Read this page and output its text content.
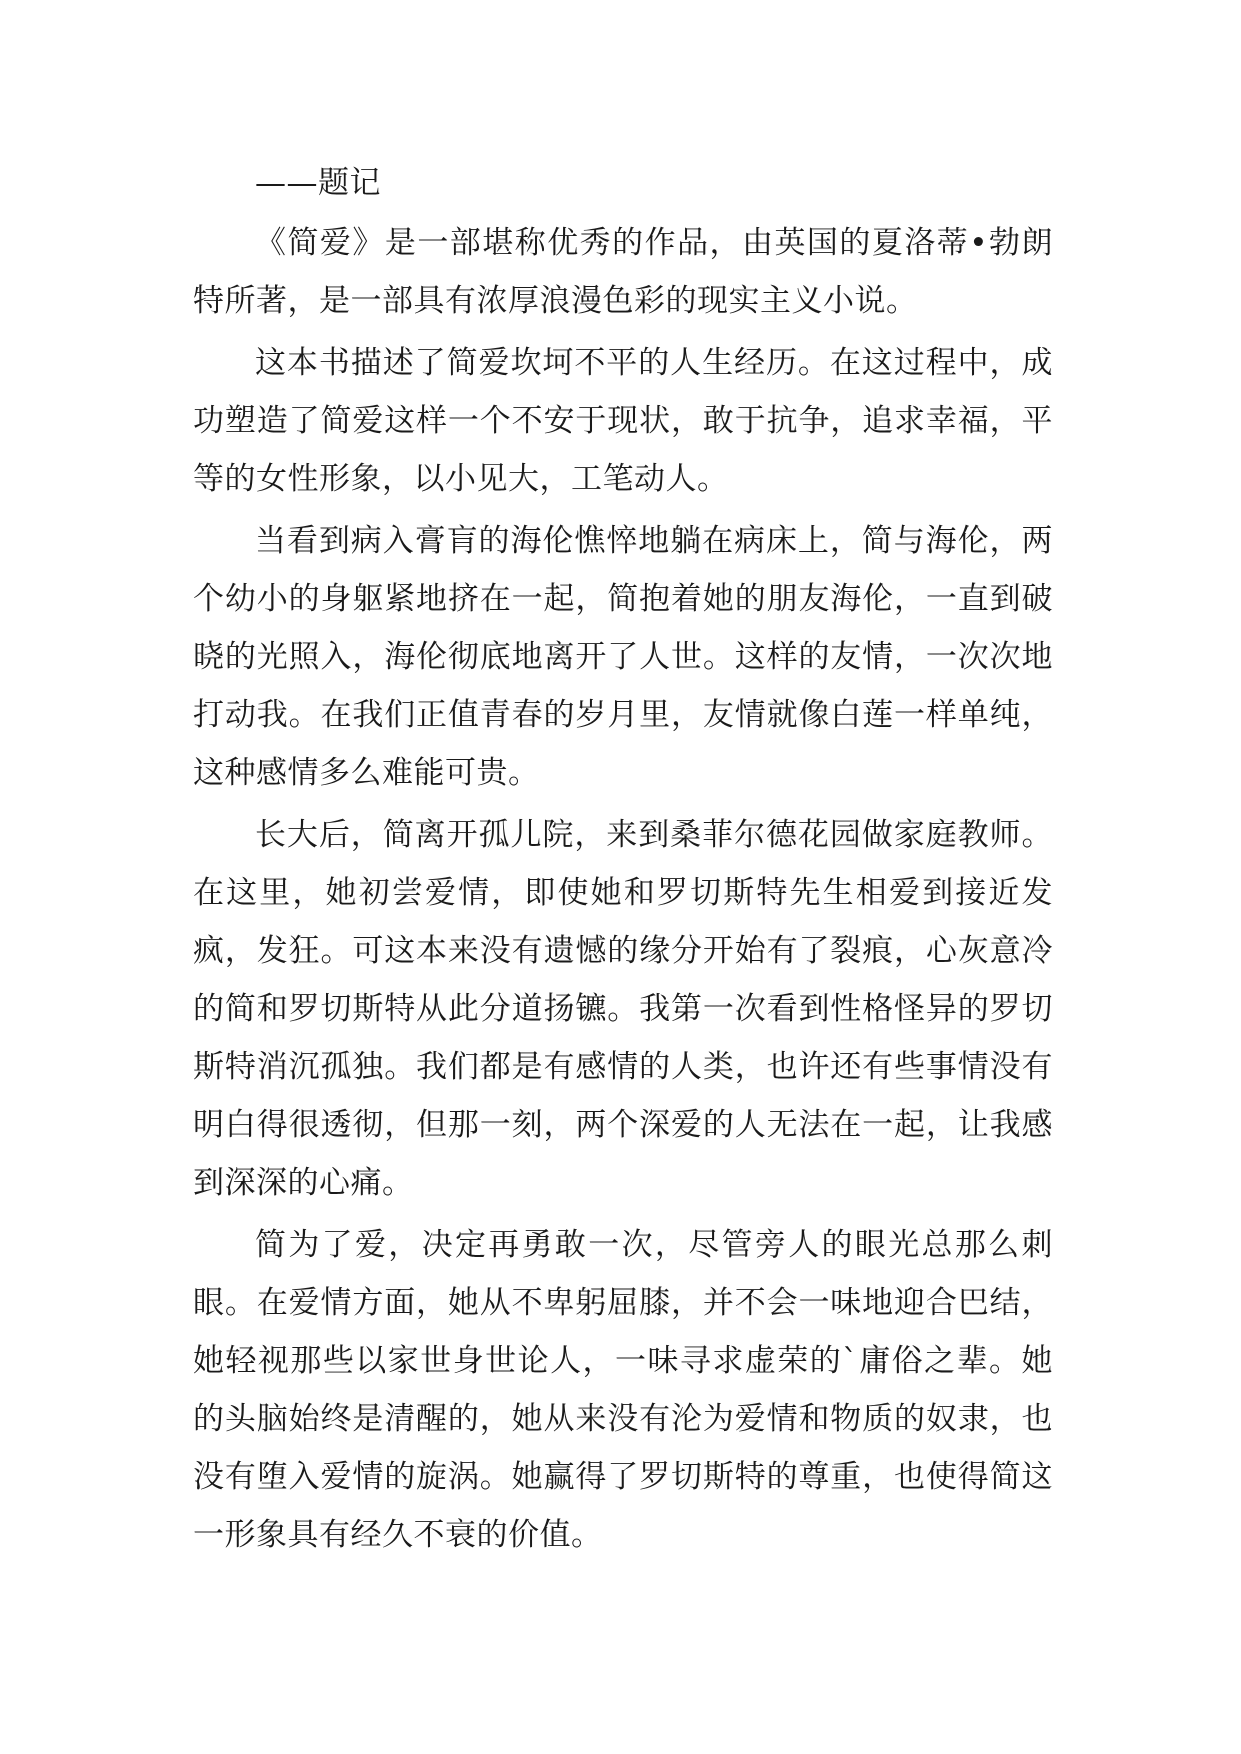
——题记

《简爱》是一部堪称优秀的作品，由英国的夏洛蒂•勃朗特所著，是一部具有浓厚浪漫色彩的现实主义小说。

这本书描述了简爱坎坷不平的人生经历。在这过程中，成功塑造了简爱这样一个不安于现状，敢于抗争，追求幸福，平等的女性形象，以小见大，工笔动人。

当看到病入膏肓的海伦憔悴地躺在病床上，简与海伦，两个幼小的身躯紧地挤在一起，简抱着她的朋友海伦，一直到破晓的光照入，海伦彻底地离开了人世。这样的友情，一次次地打动我。在我们正值青春的岁月里，友情就像白莲一样单纯，这种感情多么难能可贵。

长大后，简离开孤儿院，来到桑菲尔德花园做家庭教师。在这里，她初尝爱情，即使她和罗切斯特先生相爱到接近发疯，发狂。可这本来没有遗憾的缘分开始有了裂痕，心灰意冷的简和罗切斯特从此分道扬镳。我第一次看到性格怪异的罗切斯特消沉孤独。我们都是有感情的人类，也许还有些事情没有明白得很透彻，但那一刻，两个深爱的人无法在一起，让我感到深深的心痛。

简为了爱，决定再勇敢一次，尽管旁人的眼光总那么刺眼。在爱情方面，她从不卑躬屈膝，并不会一味地迎合巴结，她轻视那些以家世身世论人，一味寻求虚荣的`庸俗之辈。她的头脑始终是清醒的，她从来没有沦为爱情和物质的奴隶，也没有堕入爱情的旋涡。她赢得了罗切斯特的尊重，也使得简这一形象具有经久不衰的价值。
